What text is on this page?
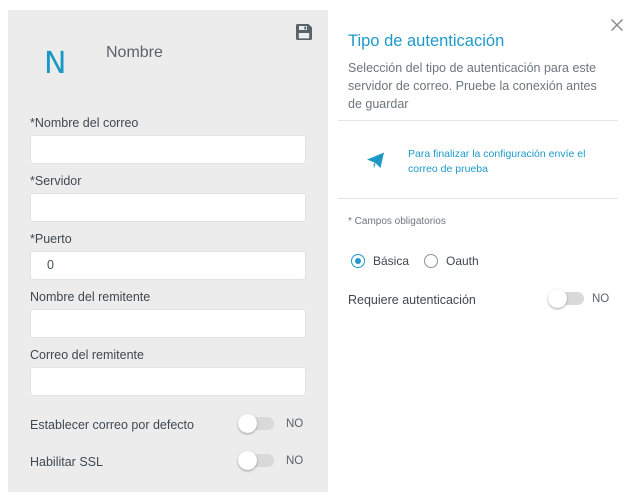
N Nombre
*Nombre del correo
*Servidor
*Puerto
0
Nombre del remitente
Correo del remitente
Establecer correo por defecto	NO
Habilitar SSL	NO
Tipo de autenticación
Selección del tipo de autenticación para este servidor de correo. Pruebe la conexión antes de guardar
Para finalizar la configuración envíe el correo de prueba
* Campos obligatorios
Básica	Oauth
Requiere autenticación	NO
